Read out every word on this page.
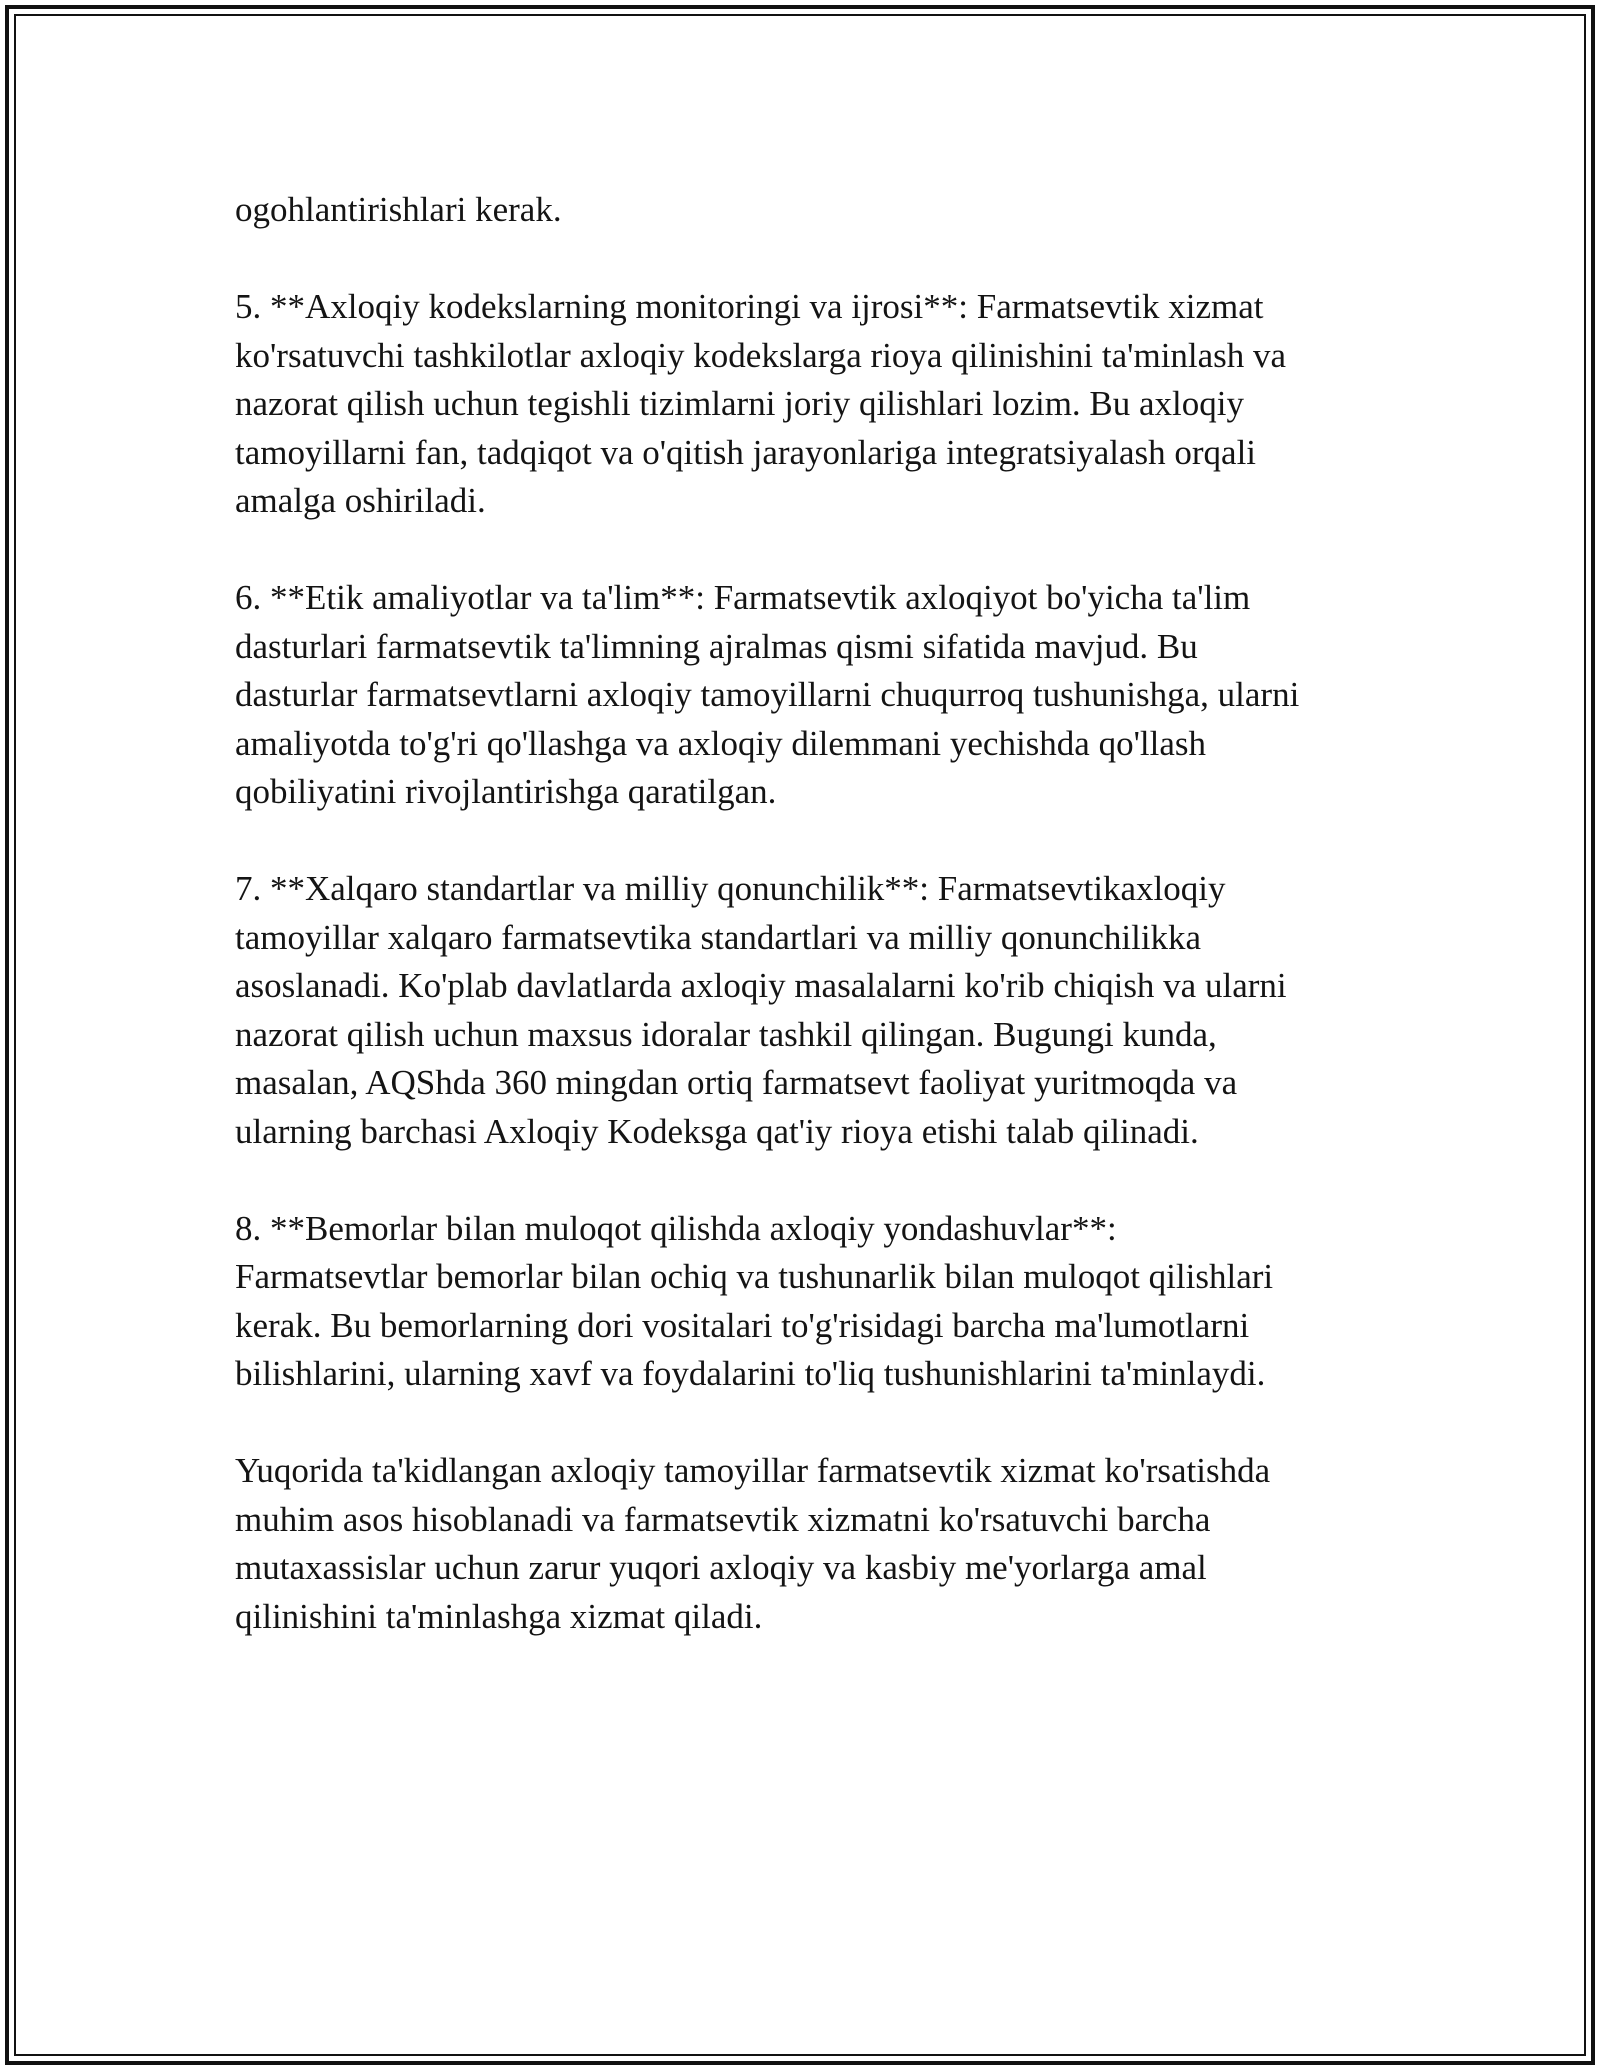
ogohlantirishlari kerak.

5. **Axloqiy kodekslarning monitoringi va ijrosi**: Farmatsevtik xizmat
ko'rsatuvchi tashkilotlar axloqiy kodekslarga rioya qilinishini ta'minlash va
nazorat qilish uchun tegishli tizimlarni joriy qilishlari lozim. Bu axloqiy
tamoyillarni fan, tadqiqot va o'qitish jarayonlariga integratsiyalash orqali
amalga oshiriladi.

6. **Etik amaliyotlar va ta'lim**: Farmatsevtik axloqiyot bo'yicha ta'lim
dasturlari farmatsevtik ta'limning ajralmas qismi sifatida mavjud. Bu
dasturlar farmatsevtlarni axloqiy tamoyillarni chuqurroq tushunishga, ularni
amaliyotda to'g'ri qo'llashga va axloqiy dilemmani yechishda qo'llash
qobiliyatini rivojlantirishga qaratilgan.

7. **Xalqaro standartlar va milliy qonunchilik**: Farmatsevtikaxloqiy
tamoyillar xalqaro farmatsevtika standartlari va milliy qonunchilikka
asoslanadi. Ko'plab davlatlarda axloqiy masalalarni ko'rib chiqish va ularni
nazorat qilish uchun maxsus idoralar tashkil qilingan. Bugungi kunda,
masalan, AQShda 360 mingdan ortiq farmatsevt faoliyat yuritmoqda va
ularning barchasi Axloqiy Kodeksga qat'iy rioya etishi talab qilinadi.

8. **Bemorlar bilan muloqot qilishda axloqiy yondashuvlar**:
Farmatsevtlar bemorlar bilan ochiq va tushunarlik bilan muloqot qilishlari
kerak. Bu bemorlarning dori vositalari to'g'risidagi barcha ma'lumotlarni
bilishlarini, ularning xavf va foydalarini to'liq tushunishlarini ta'minlaydi.

Yuqorida ta'kidlangan axloqiy tamoyillar farmatsevtik xizmat ko'rsatishda
muhim asos hisoblanadi va farmatsevtik xizmatni ko'rsatuvchi barcha
mutaxassislar uchun zarur yuqori axloqiy va kasbiy me'yorlarga amal
qilinishini ta'minlashga xizmat qiladi.
